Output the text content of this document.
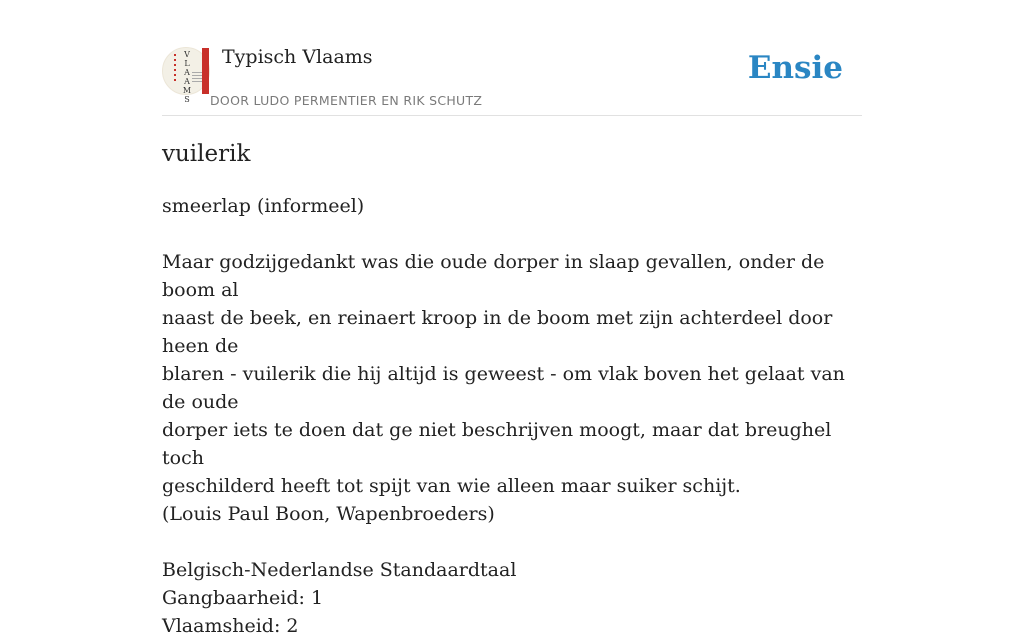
V
L
A
A
M
S
Typisch Vlaams
DOOR LUDO PERMENTIER EN RIK SCHUTZ
Ensie
vuilerik
smeerlap (informeel)
Maar godzijgedankt was die oude dorper in slaap gevallen, onder de boom al
naast de beek, en reinaert kroop in de boom met zijn achterdeel door heen de
blaren - vuilerik die hij altijd is geweest - om vlak boven het gelaat van de oude
dorper iets te doen dat ge niet beschrijven moogt, maar dat breughel toch
geschilderd heeft tot spijt van wie alleen maar suiker schijt.
(Louis Paul Boon, Wapenbroeders)
Belgisch-Nederlandse Standaardtaal
Gangbaarheid: 1
Vlaamsheid: 2
